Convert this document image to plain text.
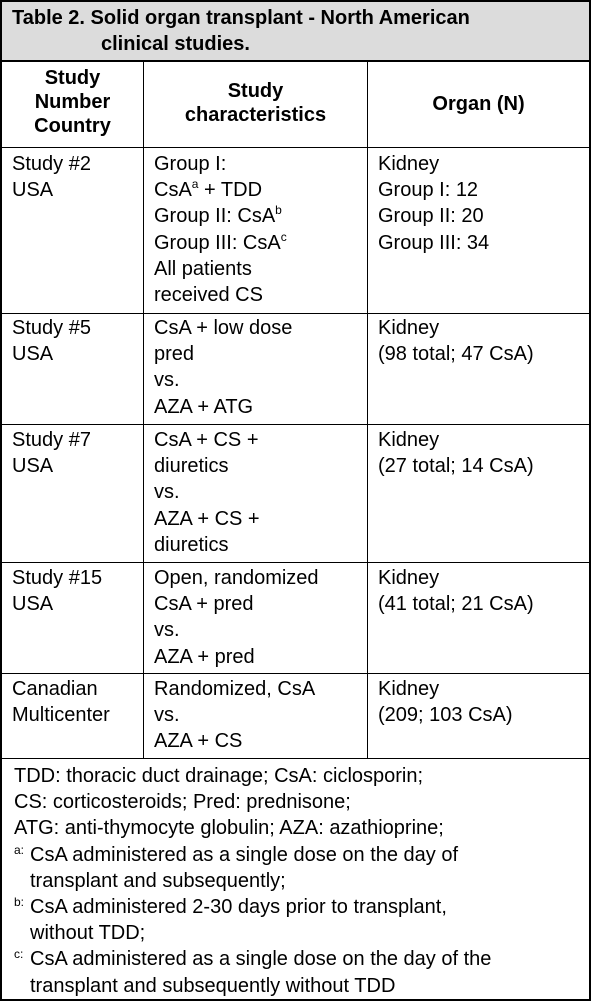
Table 2. Solid organ transplant - North American
clinical studies.
Study
Number
Country
Study
characteristics	Organ (N)
Study #2
USA
Group I:
CsA$^a$ + TDD
Group II: CsA$^b$
Group III: CsA$^c$
All patients
received CS
Kidney
Group I: 12
Group II: 20
Group III: 34
Study #5
USA
CsA + low dose
pred
vs.
AZA + ATG
Kidney
(98 total; 47 CsA)
Study #7
USA
CsA + CS +
diuretics
vs.
AZA + CS +
diuretics
Kidney
(27 total; 14 CsA)
Study #15
USA
Open, randomized
CsA + pred
vs.
AZA + pred
Kidney
(41 total; 21 CsA)
Canadian
Multicenter
Randomized, CsA
vs.
AZA + CS
Kidney
(209; 103 CsA)
TDD: thoracic duct drainage; CsA: ciclosporin;
CS: corticosteroids; Pred: prednisone;
ATG: anti-thymocyte globulin; AZA: azathioprine;
a: CsA administered as a single dose on the day of
transplant and subsequently;
b: CsA administered 2-30 days prior to transplant,
without TDD;
c: CsA administered as a single dose on the day of the
transplant and subsequently without TDD
